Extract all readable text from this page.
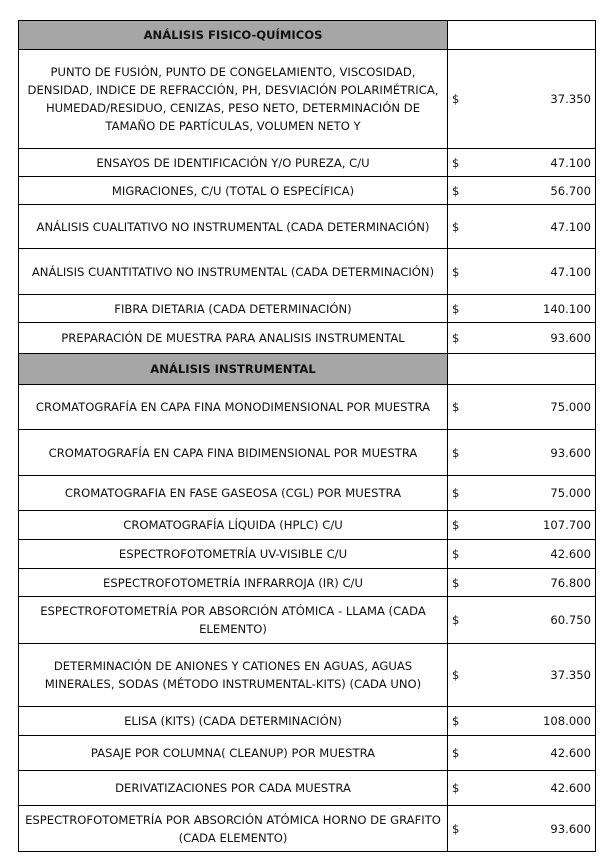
ANÁLISIS FISICO-QUÍMICOS	
PUNTO DE FUSIÓN, PUNTO DE CONGELAMIENTO, VISCOSIDAD, DENSIDAD, INDICE DE REFRACCIÓN, PH, DESVIACIÓN POLARIMÉTRICA, HUMEDAD/RESIDUO, CENIZAS, PESO NETO, DETERMINACIÓN DE TAMAÑO DE PARTÍCULAS, VOLUMEN NETO Y	$ 37.350

ENSAYOS DE IDENTIFICACIÓN Y/O PUREZA, C/U	$ 47.100

MIGRACIONES, C/U (TOTAL O ESPECÍFICA)	$ 56.700

ANÁLISIS CUALITATIVO NO INSTRUMENTAL (CADA DETERMINACIÓN)	$ 47.100

ANÁLISIS CUANTITATIVO NO INSTRUMENTAL (CADA DETERMINACIÓN)	$ 47.100

FIBRA DIETARIA (CADA DETERMINACIÓN)	$ 140.100

PREPARACIÓN DE MUESTRA PARA ANALISIS INSTRUMENTAL	$ 93.600

ANÁLISIS INSTRUMENTAL	
CROMATOGRAFÍA EN CAPA FINA MONODIMENSIONAL POR MUESTRA	$ 75.000

CROMATOGRAFÍA EN CAPA FINA BIDIMENSIONAL POR MUESTRA	$ 93.600

CROMATOGRAFIA EN FASE GASEOSA (CGL) POR MUESTRA	$ 75.000

CROMATOGRAFÍA LÍQUIDA (HPLC) C/U	$ 107.700

ESPECTROFOTOMETRÍA UV-VISIBLE C/U	$ 42.600

ESPECTROFOTOMETRÍA INFRARROJA (IR) C/U	$ 76.800

ESPECTROFOTOMETRÍA POR ABSORCIÓN ATÓMICA - LLAMA (CADA ELEMENTO)	$ 60.750

DETERMINACIÓN DE ANIONES Y CATIONES EN AGUAS, AGUAS MINERALES, SODAS (MÉTODO INSTRUMENTAL-KITS) (CADA UNO)	$ 37.350

ELISA (KITS) (CADA DETERMINACIÓN)	$ 108.000

PASAJE POR COLUMNA( CLEANUP) POR MUESTRA	$ 42.600

DERIVATIZACIONES POR CADA MUESTRA	$ 42.600

ESPECTROFOTOMETRÍA POR ABSORCIÓN ATÓMICA HORNO DE GRAFITO (CADA ELEMENTO)	$ 93.600
